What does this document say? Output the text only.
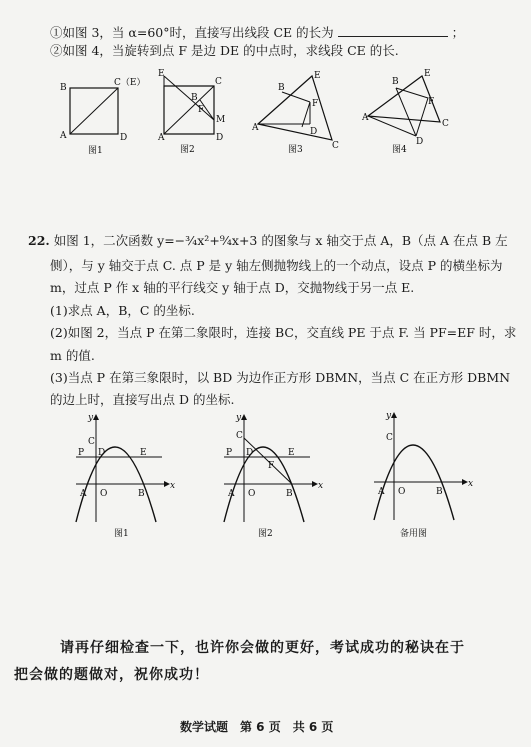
①如图 3，当 α=60°时，直接写出线段 CE 的长为	；
②如图 4，当旋转到点 F 是边 DE 的中点时，求线段 CE 的长.
B	C（E）
A	D
图1
E
C
B
F
M
A	D
图2
E
B
F
A	D
C
图3
E
B
F
A
C
D
图4
22. 如图 1，二次函数 y=−¾x²+⁹⁄₄x+3 的图象与 x 轴交于点 A，B（点 A 在点 B 左
侧），与 y 轴交于点 C. 点 P 是 y 轴左侧抛物线上的一个动点，设点 P 的横坐标为
m，过点 P 作 x 轴的平行线交 y 轴于点 D，交抛物线于另一点 E.
(1)求点 A，B，C 的坐标.
(2)如图 2，当点 P 在第二象限时，连接 BC，交直线 PE 于点 F. 当 PF=EF 时，求
m 的值.
(3)当点 P 在第三象限时，以 BD 为边作正方形 DBMN，当点 C 在正方形 DBMN
的边上时，直接写出点 D 的坐标.
y
x
C
P D	E
A O	B
图1
y
x
C
P D
F
E
A O	B
图2
y
x
C
A O	B
备用图
请再仔细检查一下，也许你会做的更好，考试成功的秘诀在于
把会做的题做对，祝你成功！
数学试题　第 6 页　共 6 页
